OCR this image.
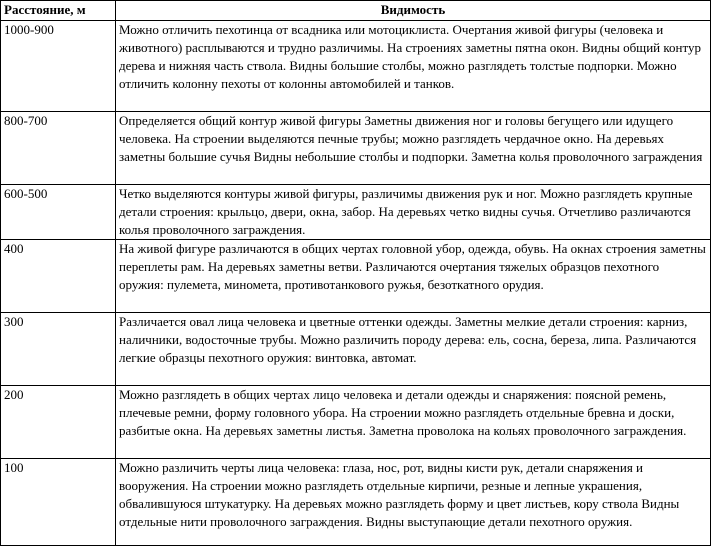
Расстояние, м	Видимость
1000-900	Можно отличить пехотинца от всадника или мотоциклиста. Очертания живой фигуры (человека и животного) расплываются и трудно различимы. На строениях заметны пятна окон. Видны общий контур дерева и нижняя часть ствола. Видны большие столбы, можно разглядеть толстые подпорки. Можно отличить колонну пехоты от колонны автомобилей и танков.
800-700	Определяется общий контур живой фигуры Заметны движения ног и головы бегущего или идущего человека. На строении выделяются печные трубы; можно разглядеть чердачное окно. На деревьях заметны большие сучья Видны небольшие столбы и подпорки. Заметна колья проволочного заграждения
600-500	Четко выделяются контуры живой фигуры, различимы движения рук и ног. Можно разглядеть крупные детали строения: крыльцо, двери, окна, забор. На деревьях четко видны сучья. Отчетливо различаются колья проволочного заграждения.
400	На живой фигуре различаются в общих чертах головной убор, одежда, обувь. На окнах строения заметны переплеты рам. На деревьях заметны ветви. Различаются очертания тяжелых образцов пехотного оружия: пулемета, миномета, противотанкового ружья, безоткатного орудия.
300	Различается овал лица человека и цветные оттенки одежды. Заметны мелкие детали строения: карниз, наличники, водосточные трубы. Можно различить породу дерева: ель, сосна, береза, липа. Различаются легкие образцы пехотного оружия: винтовка, автомат.
200	Можно разглядеть в общих чертах лицо человека и детали одежды и снаряжения: поясной ремень, плечевые ремни, форму головного убора. На строении можно разглядеть отдельные бревна и доски, разбитые окна. На деревьях заметны листья. Заметна проволока на кольях проволочного заграждения.
100	Можно различить черты лица человека: глаза, нос, рот, видны кисти рук, детали снаряжения и вооружения. На строении можно разглядеть отдельные кирпичи, резные и лепные украшения, обвалившуюся штукатурку. На деревьях можно разглядеть форму и цвет листьев, кору ствола Видны отдельные нити проволочного заграждения. Видны выступающие детали пехотного оружия.
